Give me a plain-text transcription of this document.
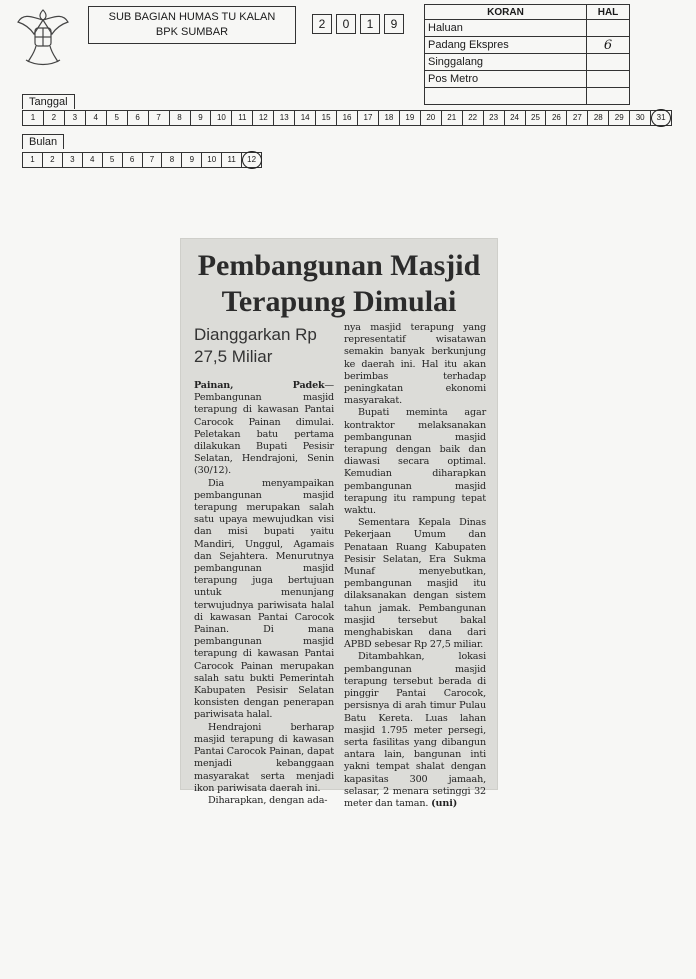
SUB BAGIAN HUMAS TU KALAN
BPK SUMBAR
2	0	1	9
KORAN	HAL
Haluan	
Padang Ekspres	6
Singgalang	
Pos Metro	

Tanggal
1	2	3	4	5	6	7	8	9	10	11	12	13	14	15	16	17	18	19	20	21	22	23	24	25	26	27	28	29	30	31
Bulan
1	2	3	4	5	6	7	8	9	10	11	12
Pembangunan Masjid
Terapung Dimulai
Dianggarkan Rp 27,5 Miliar

Painan, Padek—Pembangunan masjid terapung di kawasan Pantai Carocok Painan dimulai. Peletakan batu pertama dilakukan Bupati Pesisir Selatan, Hendrajoni, Senin (30/12).

Dia menyampaikan pembangunan masjid terapung merupakan salah satu upaya mewujudkan visi dan misi bupati yaitu Mandiri, Unggul, Agamais dan Sejahtera. Menurutnya pembangunan masjid terapung juga bertujuan untuk menunjang terwujudnya pariwisata halal di kawasan Pantai Carocok Painan. Di mana pembangunan masjid terapung di kawasan Pantai Carocok Painan merupakan salah satu bukti Pemerintah Kabupaten Pesisir Selatan konsisten dengan penerapan pariwisata halal.

Hendrajoni berharap masjid terapung di kawasan Pantai Carocok Painan, dapat menjadi kebanggaan masyarakat serta menjadi ikon pariwisata daerah ini.

Diharapkan, dengan ada-

nya masjid terapung yang representatif wisatawan semakin banyak berkunjung ke daerah ini. Hal itu akan berimbas terhadap peningkatan ekonomi masyarakat.

Bupati meminta agar kontraktor melaksanakan pembangunan masjid terapung dengan baik dan diawasi secara optimal. Kemudian diharapkan pembangunan masjid terapung itu rampung tepat waktu.

Sementara Kepala Dinas Pekerjaan Umum dan Penataan Ruang Kabupaten Pesisir Selatan, Era Sukma Munaf menyebutkan, pembangunan masjid itu dilaksanakan dengan sistem tahun jamak. Pembangunan masjid tersebut bakal menghabiskan dana dari APBD sebesar Rp 27,5 miliar.

Ditambahkan, lokasi pembangunan masjid terapung tersebut berada di pinggir Pantai Carocok, persisnya di arah timur Pulau Batu Kereta. Luas lahan masjid 1.795 meter persegi, serta fasilitas yang dibangun antara lain, bangunan inti yakni tempat shalat dengan kapasitas 300 jamaah, selasar, 2 menara setinggi 32 meter dan taman. (uni)
